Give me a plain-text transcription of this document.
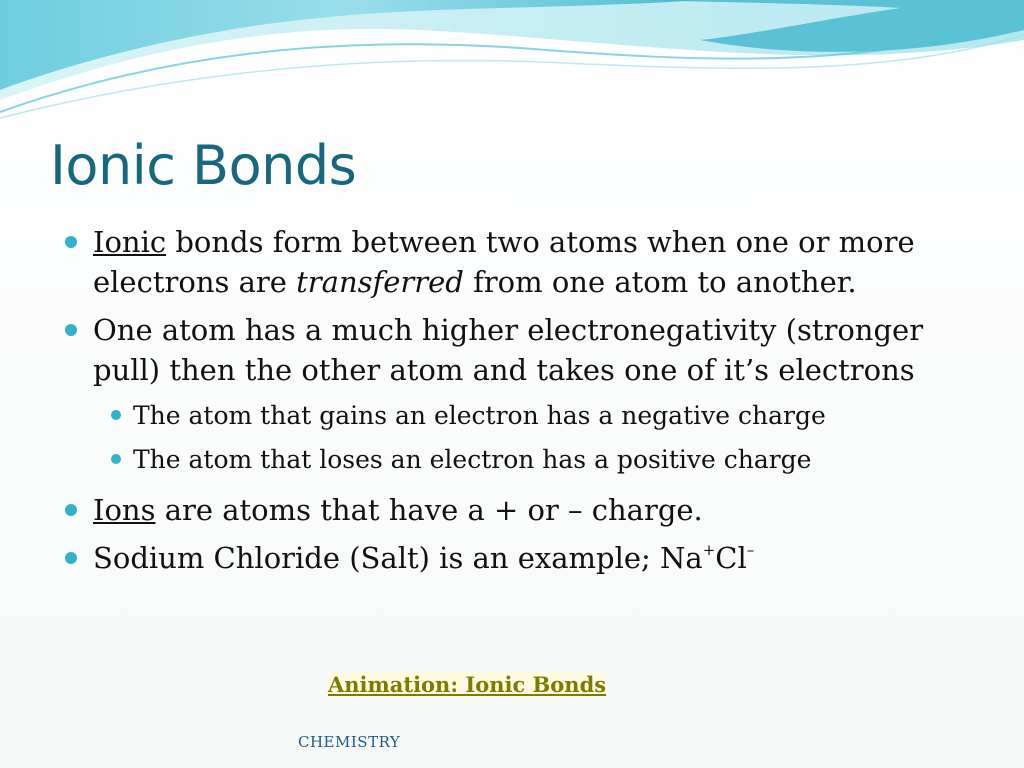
Ionic Bonds
Ionic bonds form between two atoms when one or more electrons are transferred from one atom to another.
One atom has a much higher electronegativity (stronger pull) then the other atom and takes one of it’s electrons
The atom that gains an electron has a negative charge
The atom that loses an electron has a positive charge
Ions are atoms that have a + or – charge.
Sodium Chloride (Salt) is an example; Na+Cl–
Animation: Ionic Bonds
CHEMISTRY
